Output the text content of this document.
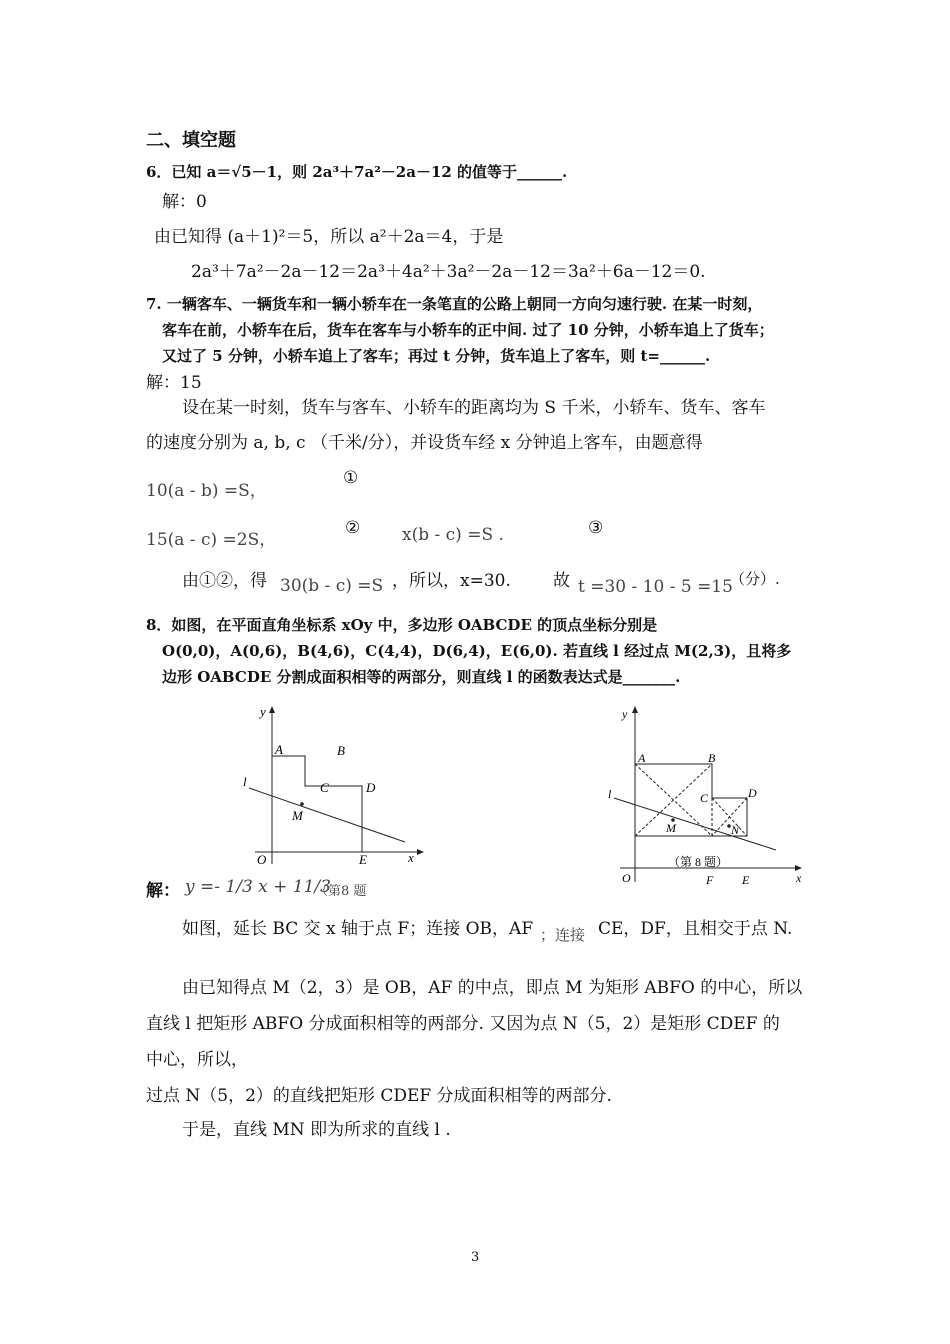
二、填空题
6．已知 a＝√5－1，则 2a³＋7a²－2a－12 的值等于______.
解：0
由已知得 (a＋1)²＝5，所以 a²＋2a＝4，于是
2a³＋7a²－2a－12＝2a³＋4a²＋3a²－2a－12＝3a²＋6a－12＝0.
7. 一辆客车、一辆货车和一辆小轿车在一条笔直的公路上朝同一方向匀速行驶. 在某一时刻，
客车在前，小轿车在后，货车在客车与小轿车的正中间. 过了 10 分钟，小轿车追上了货车；
又过了 5 分钟，小轿车追上了客车；再过 t 分钟，货车追上了客车，则 t=______.
解：15
设在某一时刻，货车与客车、小轿车的距离均为 S 千米，小轿车、货车、客车
的速度分别为 a, b, c （千米/分），并设货车经 x 分钟追上客车，由题意得
10(a - b) =S，
①
15(a - c) =2S，
② x(b - c) =S .	③
由①②，得 30(b - c) =S ，所以，x=30. 故 t =30 - 10 - 5 =15
（分）.
8．如图，在平面直角坐标系 xOy 中，多边形 OABCDE 的顶点坐标分别是
O(0,0)，A(0,6)，B(4,6)，C(4,4)，D(6,4)，E(6,0). 若直线 l 经过点 M(2,3)，且将多
边形 OABCDE 分割成面积相等的两部分，则直线 l 的函数表达式是_______.
y
x
O
A	B
C	D
E
M
l
y
x
O
A	B
C	D
E
F
M	N
l
（第 8 题）
解： y =- 1/3 x + 11/3
（第8 题
如图，延长 BC 交 x 轴于点 F；连接 OB，AF ；连接 CE，DF，且相交于点 N.
由已知得点 M（2，3）是 OB，AF 的中点，即点 M 为矩形 ABFO 的中心，所以
直线 l 把矩形 ABFO 分成面积相等的两部分. 又因为点 N（5，2）是矩形 CDEF 的
中心，所以，
过点 N（5，2）的直线把矩形 CDEF 分成面积相等的两部分.
于是，直线 MN 即为所求的直线 l .
3
